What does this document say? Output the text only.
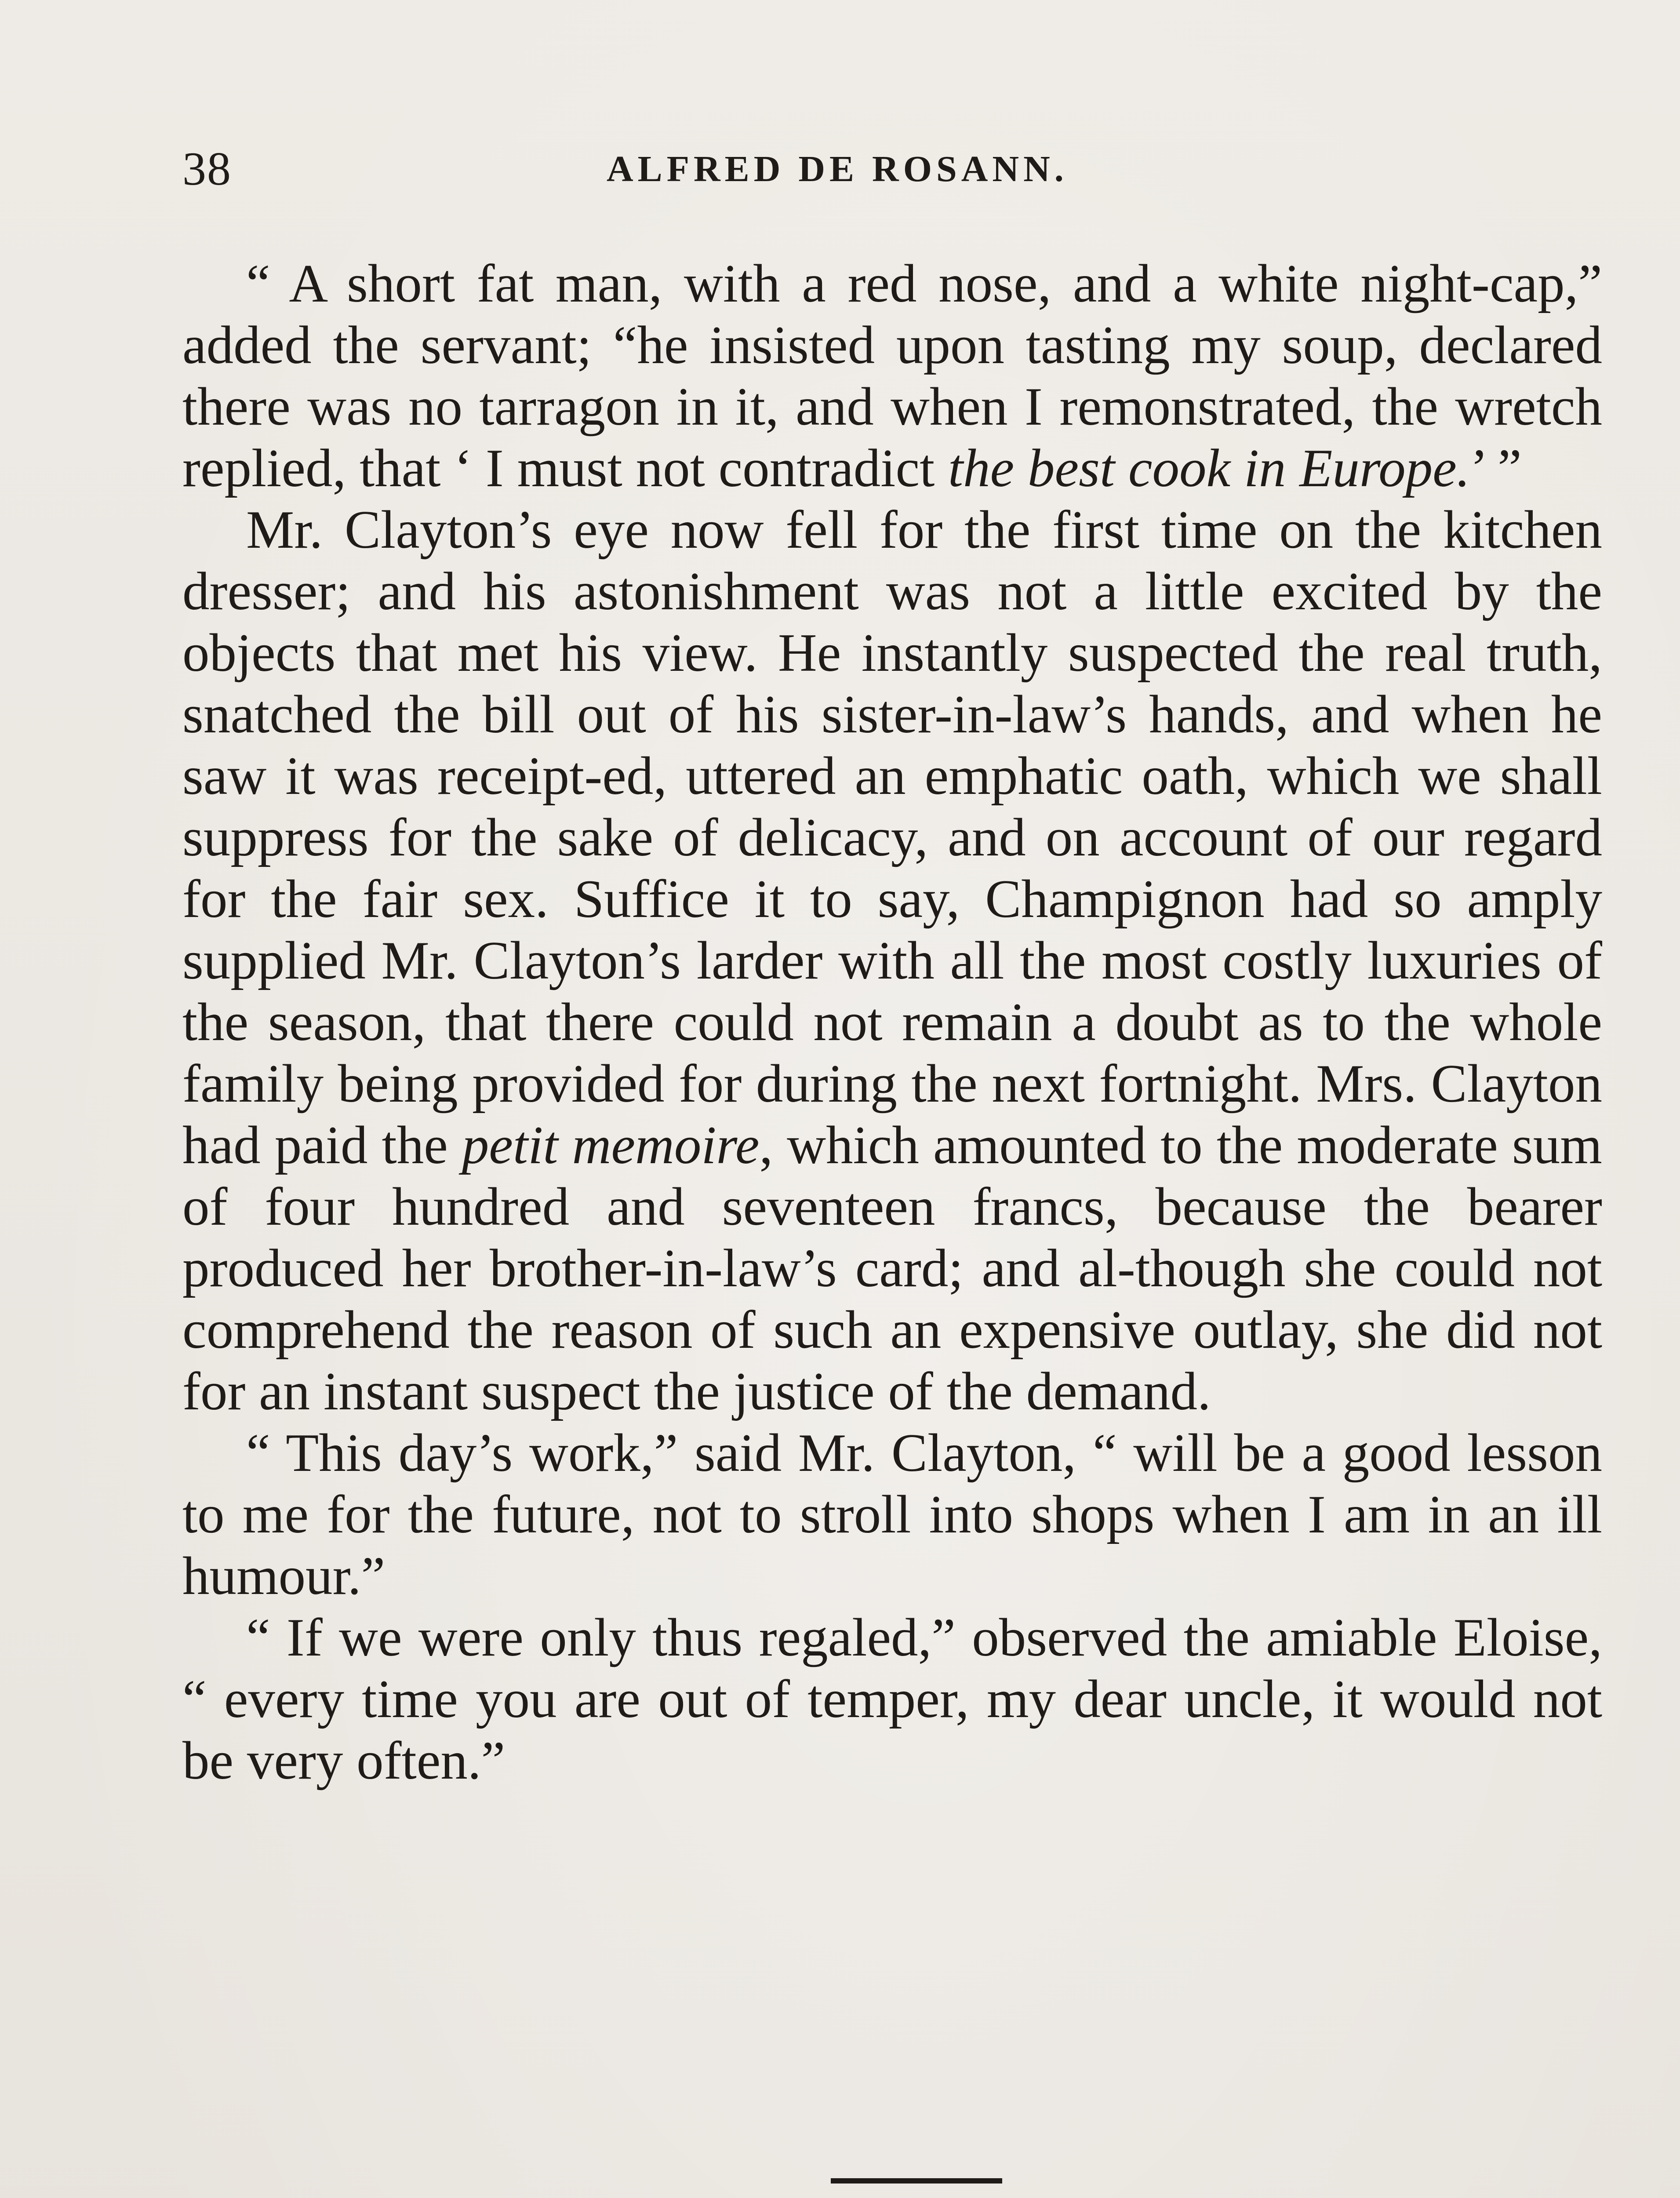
38	ALFRED DE ROSANN.

“ A short fat man, with a red nose, and a white night-cap,” added the servant; “he insisted upon tasting my soup, declared there was no tarragon in it, and when I remonstrated, the wretch replied, that ‘ I must not contradict the best cook in Europe.’ ”

Mr. Clayton’s eye now fell for the first time on the kitchen dresser; and his astonishment was not a little excited by the objects that met his view. He instantly suspected the real truth, snatched the bill out of his sister-in-law’s hands, and when he saw it was receipt-ed, uttered an emphatic oath, which we shall suppress for the sake of delicacy, and on account of our regard for the fair sex. Suffice it to say, Champignon had so amply supplied Mr. Clayton’s larder with all the most costly luxuries of the season, that there could not remain a doubt as to the whole family being provided for during the next fortnight. Mrs. Clayton had paid the petit memoire, which amounted to the moderate sum of four hundred and seventeen francs, because the bearer produced her brother-in-law’s card; and al-though she could not comprehend the reason of such an expensive outlay, she did not for an instant suspect the justice of the demand.

“ This day’s work,” said Mr. Clayton, “ will be a good lesson to me for the future, not to stroll into shops when I am in an ill humour.”

“ If we were only thus regaled,” observed the amiable Eloise, “ every time you are out of temper, my dear uncle, it would not be very often.”
